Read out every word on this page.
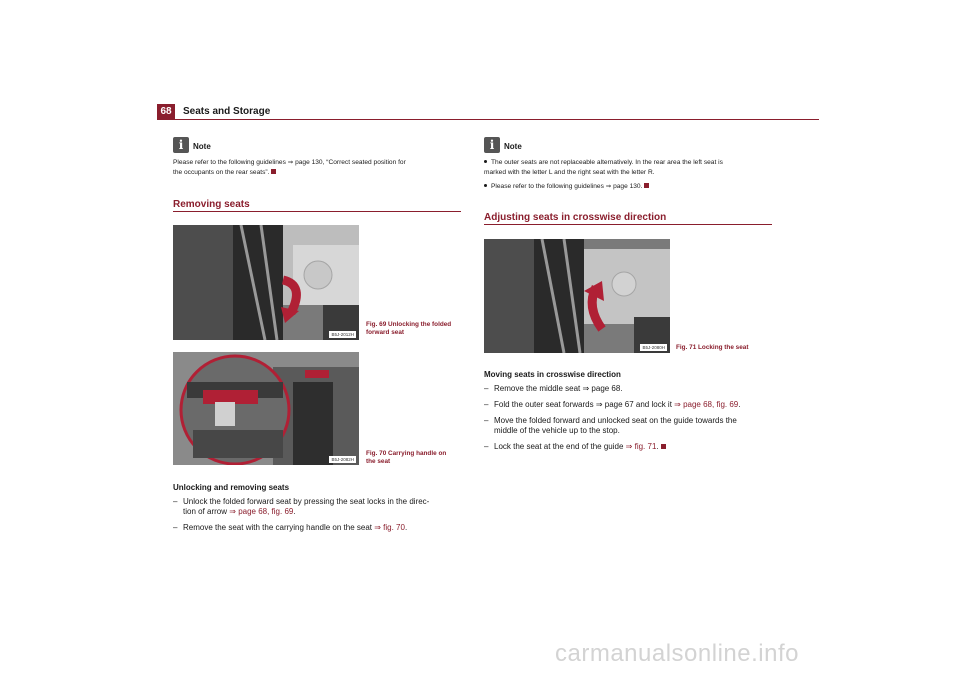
68	Seats and Storage
i	Note
Please refer to the following guidelines ⇒ page 130, “Correct seated position for
the occupants on the rear seats”.
Removing seats
B5J-2012H
Fig. 69 Unlocking the folded
forward seat
B5J-2082H
Fig. 70 Carrying handle on
the seat
Unlocking and removing seats
– Unlock the folded forward seat by pressing the seat locks in the direc-
tion of arrow ⇒ page 68, fig. 69.
– Remove the seat with the carrying handle on the seat ⇒ fig. 70.
i	Note
The outer seats are not replaceable alternatively. In the rear area the left seat is
marked with the letter L and the right seat with the letter R.
Please refer to the following guidelines ⇒ page 130.
Adjusting seats in crosswise direction
B5J-2080H	Fig. 71 Locking the seat
Moving seats in crosswise direction
– Remove the middle seat ⇒ page 68.
– Fold the outer seat forwards ⇒ page 67 and lock it ⇒ page 68, fig. 69.
– Move the folded forward and unlocked seat on the guide towards the
middle of the vehicle up to the stop.
– Lock the seat at the end of the guide ⇒ fig. 71.
carmanualsonline.info
